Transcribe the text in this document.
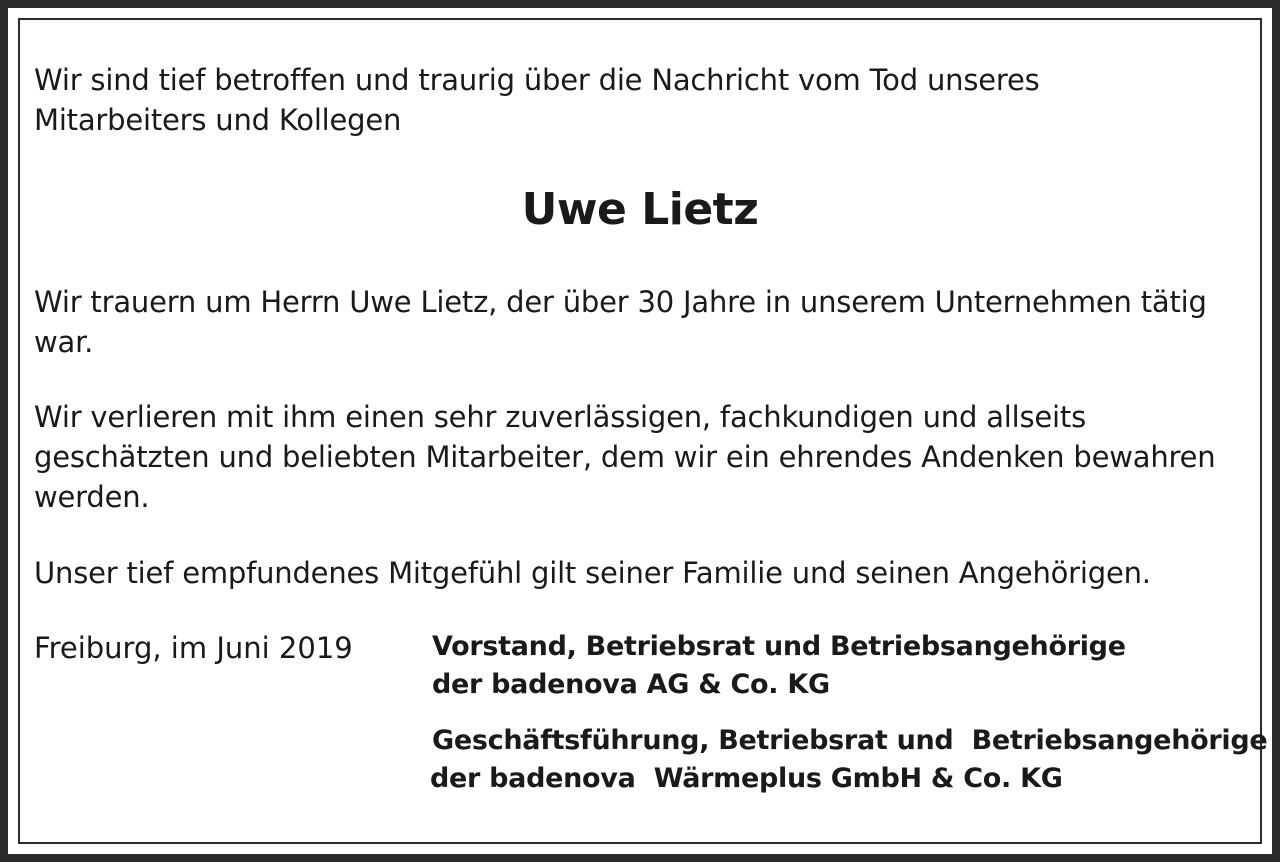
Wir sind tief betroffen und traurig über die Nachricht vom Tod unseres
Mitarbeiters und Kollegen
Uwe Lietz
Wir trauern um Herrn Uwe Lietz, der über 30 Jahre in unserem Unternehmen tätig
war.
Wir verlieren mit ihm einen sehr zuverlässigen, fachkundigen und allseits
geschätzten und beliebten Mitarbeiter, dem wir ein ehrendes Andenken bewahren
werden.
Unser tief empfundenes Mitgefühl gilt seiner Familie und seinen Angehörigen.
Freiburg, im Juni 2019	Vorstand, Betriebsrat und Betriebsangehörige
der badenova AG & Co. KG
Geschäftsführung, Betriebsrat und  Betriebsangehörige
der badenova  Wärmeplus GmbH & Co. KG
